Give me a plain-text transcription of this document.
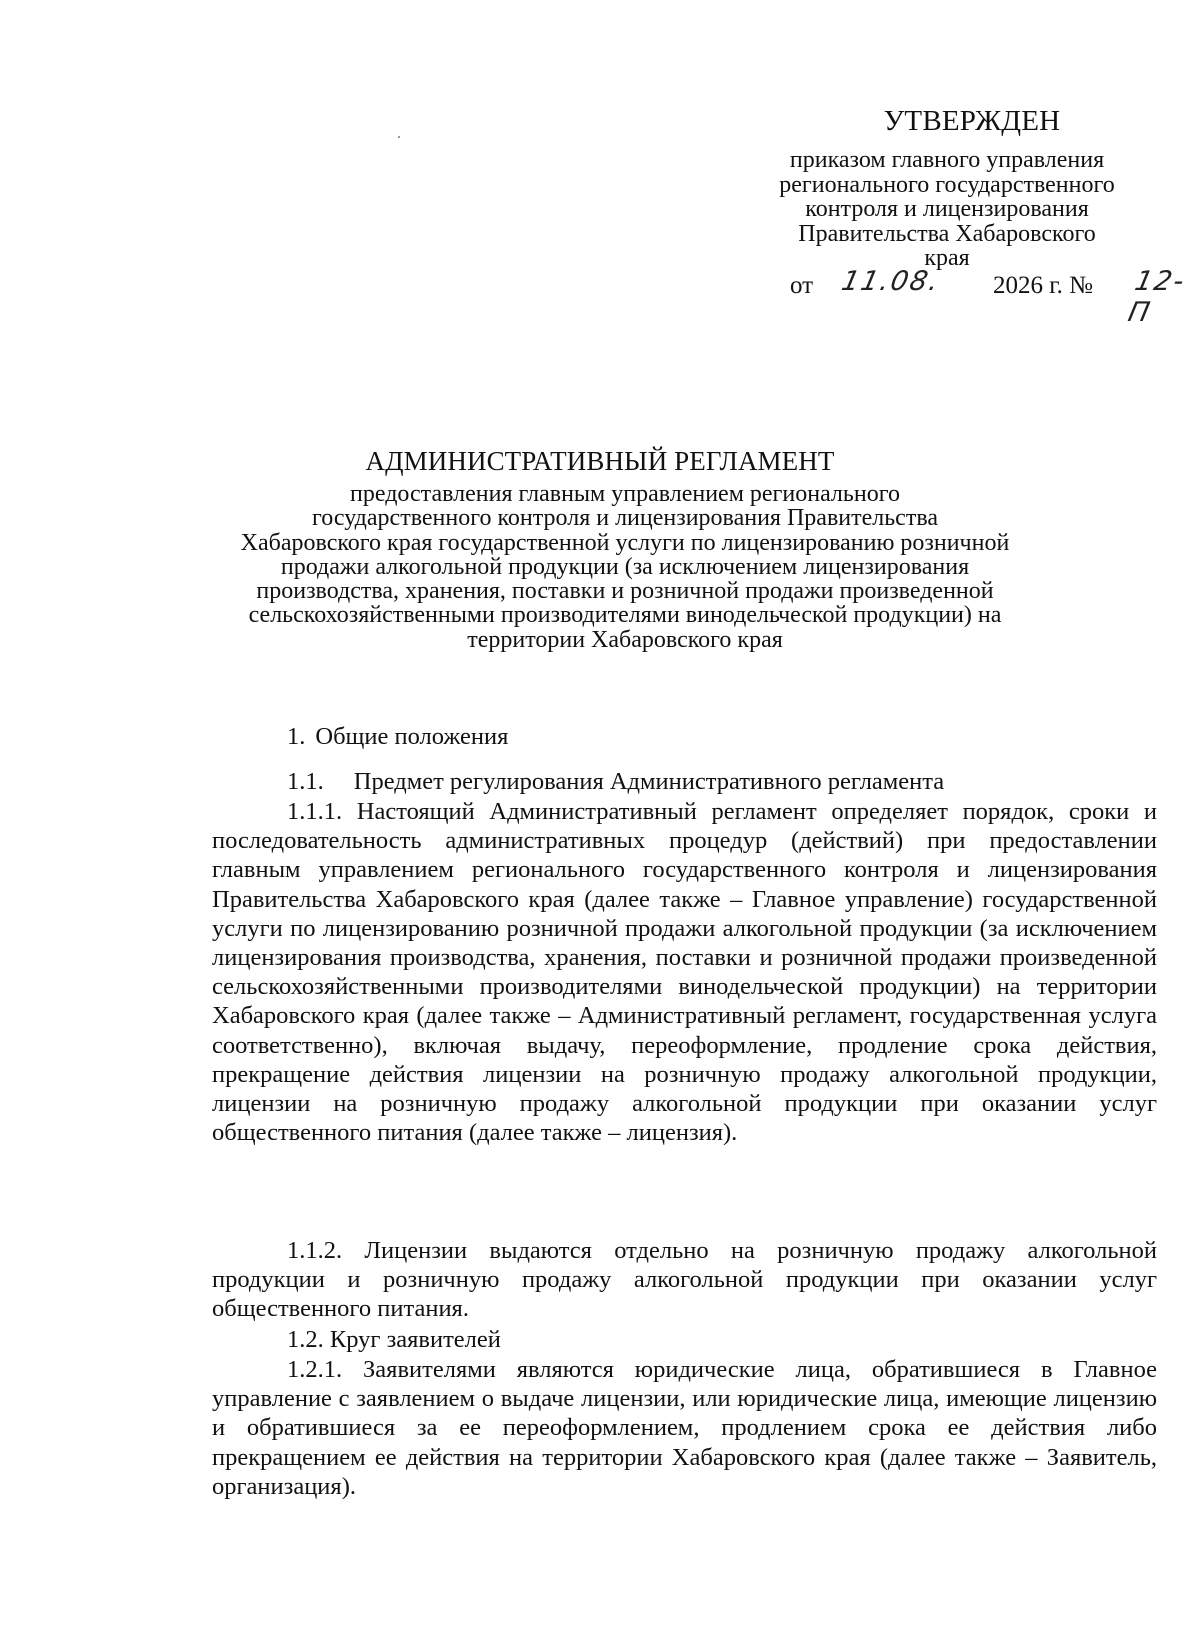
УТВЕРЖДЕН
приказом главного управления
регионального государственного
контроля и лицензирования
Правительства Хабаровского
края
от 11.08. 2026 г. № 12-П
АДМИНИСТРАТИВНЫЙ РЕГЛАМЕНТ
предоставления главным управлением регионального
государственного контроля и лицензирования Правительства
Хабаровского края государственной услуги по лицензированию розничной
продажи алкогольной продукции (за исключением лицензирования
производства, хранения, поставки и розничной продажи произведенной
сельскохозяйственными производителями винодельческой продукции) на
территории Хабаровского края
1. Общие положения
1.1. Предмет регулирования Административного регламента

1.1.1. Настоящий Административный регламент определяет порядок, сроки и последовательность административных процедур (действий) при предоставлении главным управлением регионального государственного контроля и лицензирования Правительства Хабаровского края (далее также – Главное управление) государственной услуги по лицензированию розничной продажи алкогольной продукции (за исключением лицензирования производства, хранения, поставки и розничной продажи произведенной сельскохозяйственными производителями винодельческой продукции) на территории Хабаровского края (далее также – Административный регламент, государственная услуга соответственно), включая выдачу, переоформление, продление срока действия, прекращение действия лицензии на розничную продажу алкогольной продукции, лицензии на розничную продажу алкогольной продукции при оказании услуг общественного питания (далее также – лицензия).

1.1.2. Лицензии выдаются отдельно на розничную продажу алкогольной продукции и розничную продажу алкогольной продукции при оказании услуг общественного питания.

1.2. Круг заявителей

1.2.1. Заявителями являются юридические лица, обратившиеся в Главное управление с заявлением о выдаче лицензии, или юридические лица, имеющие лицензию и обратившиеся за ее переоформлением, продлением срока ее действия либо прекращением ее действия на территории Хабаровского края (далее также – Заявитель, организация).
